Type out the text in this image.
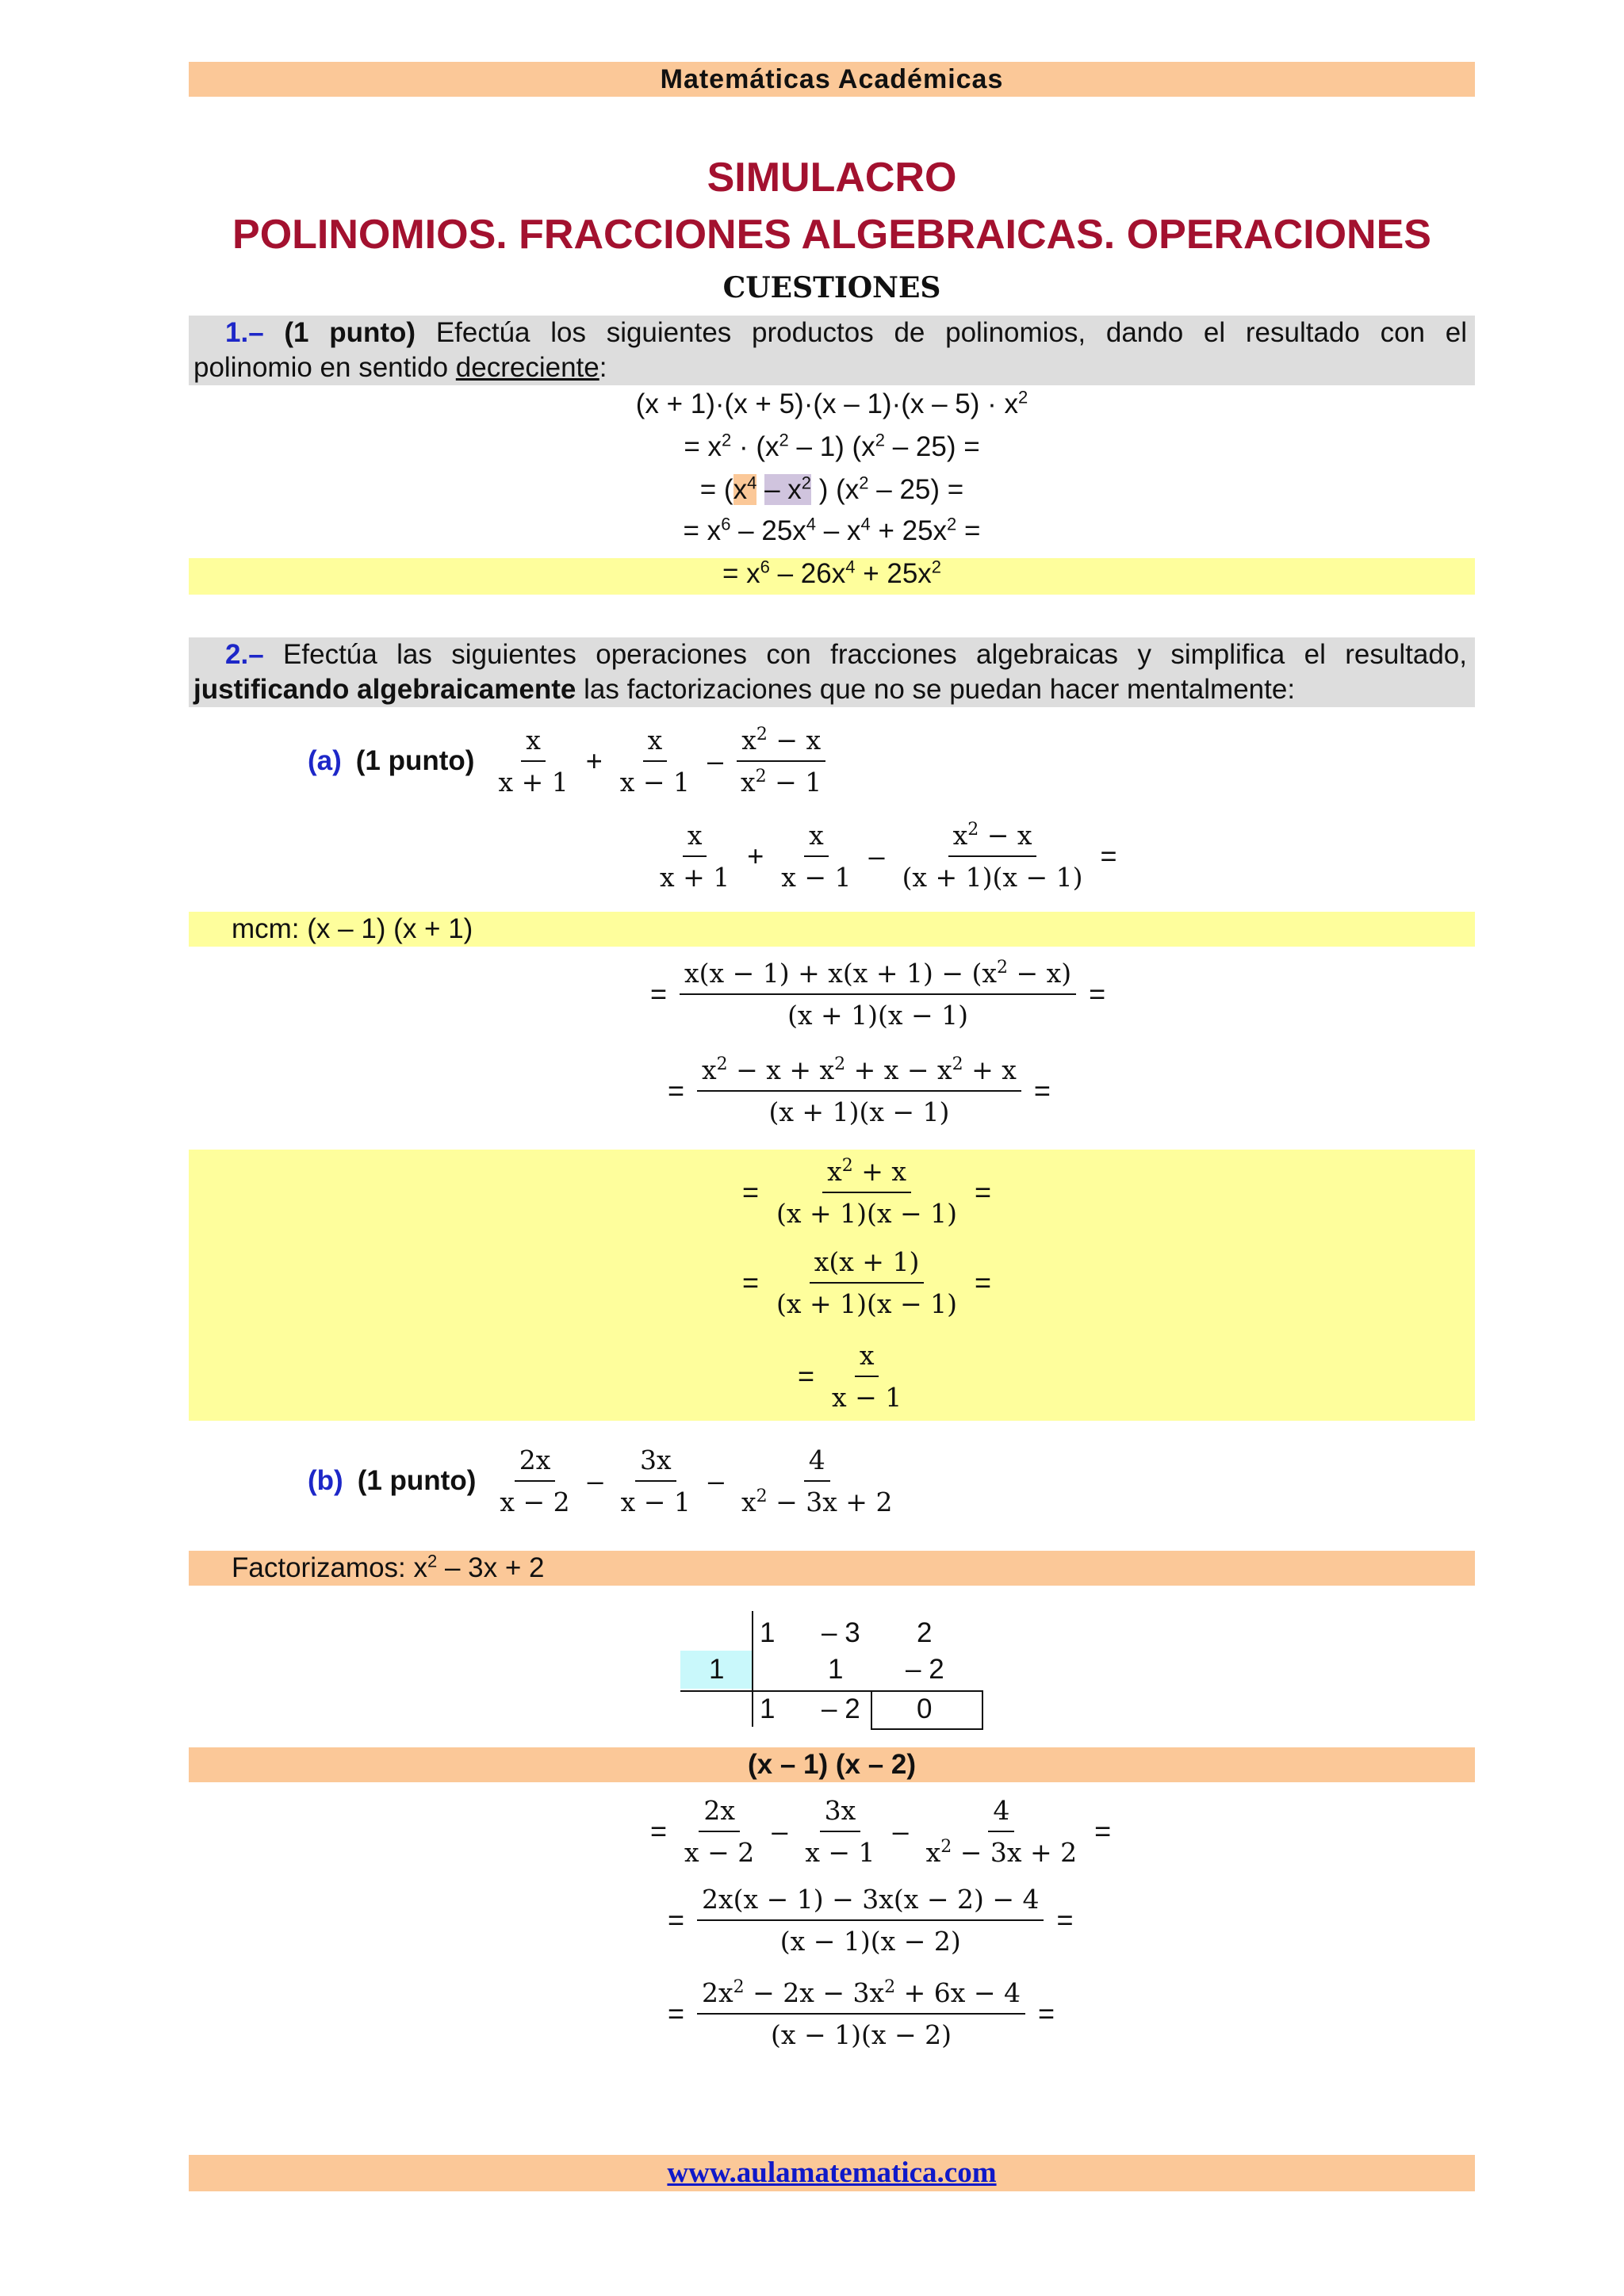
Matemáticas Académicas
SIMULACRO
POLINOMIOS. FRACCIONES ALGEBRAICAS. OPERACIONES
CUESTIONES
1.– (1 punto) Efectúa los siguientes productos de polinomios, dando el resultado con el
polinomio en sentido decreciente:
$(x + 1)\cdot(x + 5)\cdot(x - 1)\cdot(x - 5) \cdot x^2$
= $x^2 \cdot (x^2 - 1)$ $(x^2 - 25)$ =
= ($x^4 - x^2$ ) $(x^2 - 25)$ =
= $x^6 - 25x^4 - x^4 + 25x^2$ =
= $x^6 - 26x^4 + 25x^2$
2.– Efectúa las siguientes operaciones con fracciones algebraicas y simplifica el resultado,
justificando algebraicamente las factorizaciones que no se puedan hacer mentalmente:
(a) (1 punto) $\frac{x}{x + 1} + \frac{x}{x - 1} - \frac{x^2 - x}{x^2 - 1}$
$\frac{x}{x + 1} + \frac{x}{x - 1} - \frac{x^2 - x}{(x + 1)(x - 1)}$ =
mcm: (x – 1) (x + 1)
= $\frac{x(x - 1) + x(x + 1) - (x^2 - x)}{(x + 1)(x - 1)}$ =
= $\frac{x^2 - x + x^2 + x - x^2 + x}{(x + 1)(x - 1)}$ =
= $\frac{x^2 + x}{(x + 1)(x - 1)}$ =
= $\frac{x(x + 1)}{(x + 1)(x - 1)}$ =
= $\frac{x}{x - 1}$
(b) (1 punto) $\frac{2x}{x - 2} - \frac{3x}{x - 1} - \frac{4}{x^2 - 3x + 2}$
Factorizamos: $x^2 - 3x + 2$
1 – 3 2
1	1 – 2
1 – 2 0
(x – 1) (x – 2)
= $\frac{2x}{x - 2} - \frac{3x}{x - 1} - \frac{4}{x^2 - 3x + 2}$ =
= $\frac{2x(x - 1) - 3x(x - 2) - 4}{(x - 1)(x - 2)}$ =
= $\frac{2x^2 - 2x - 3x^2 + 6x - 4}{(x - 1)(x - 2)}$ =
www.aulamatematica.com
